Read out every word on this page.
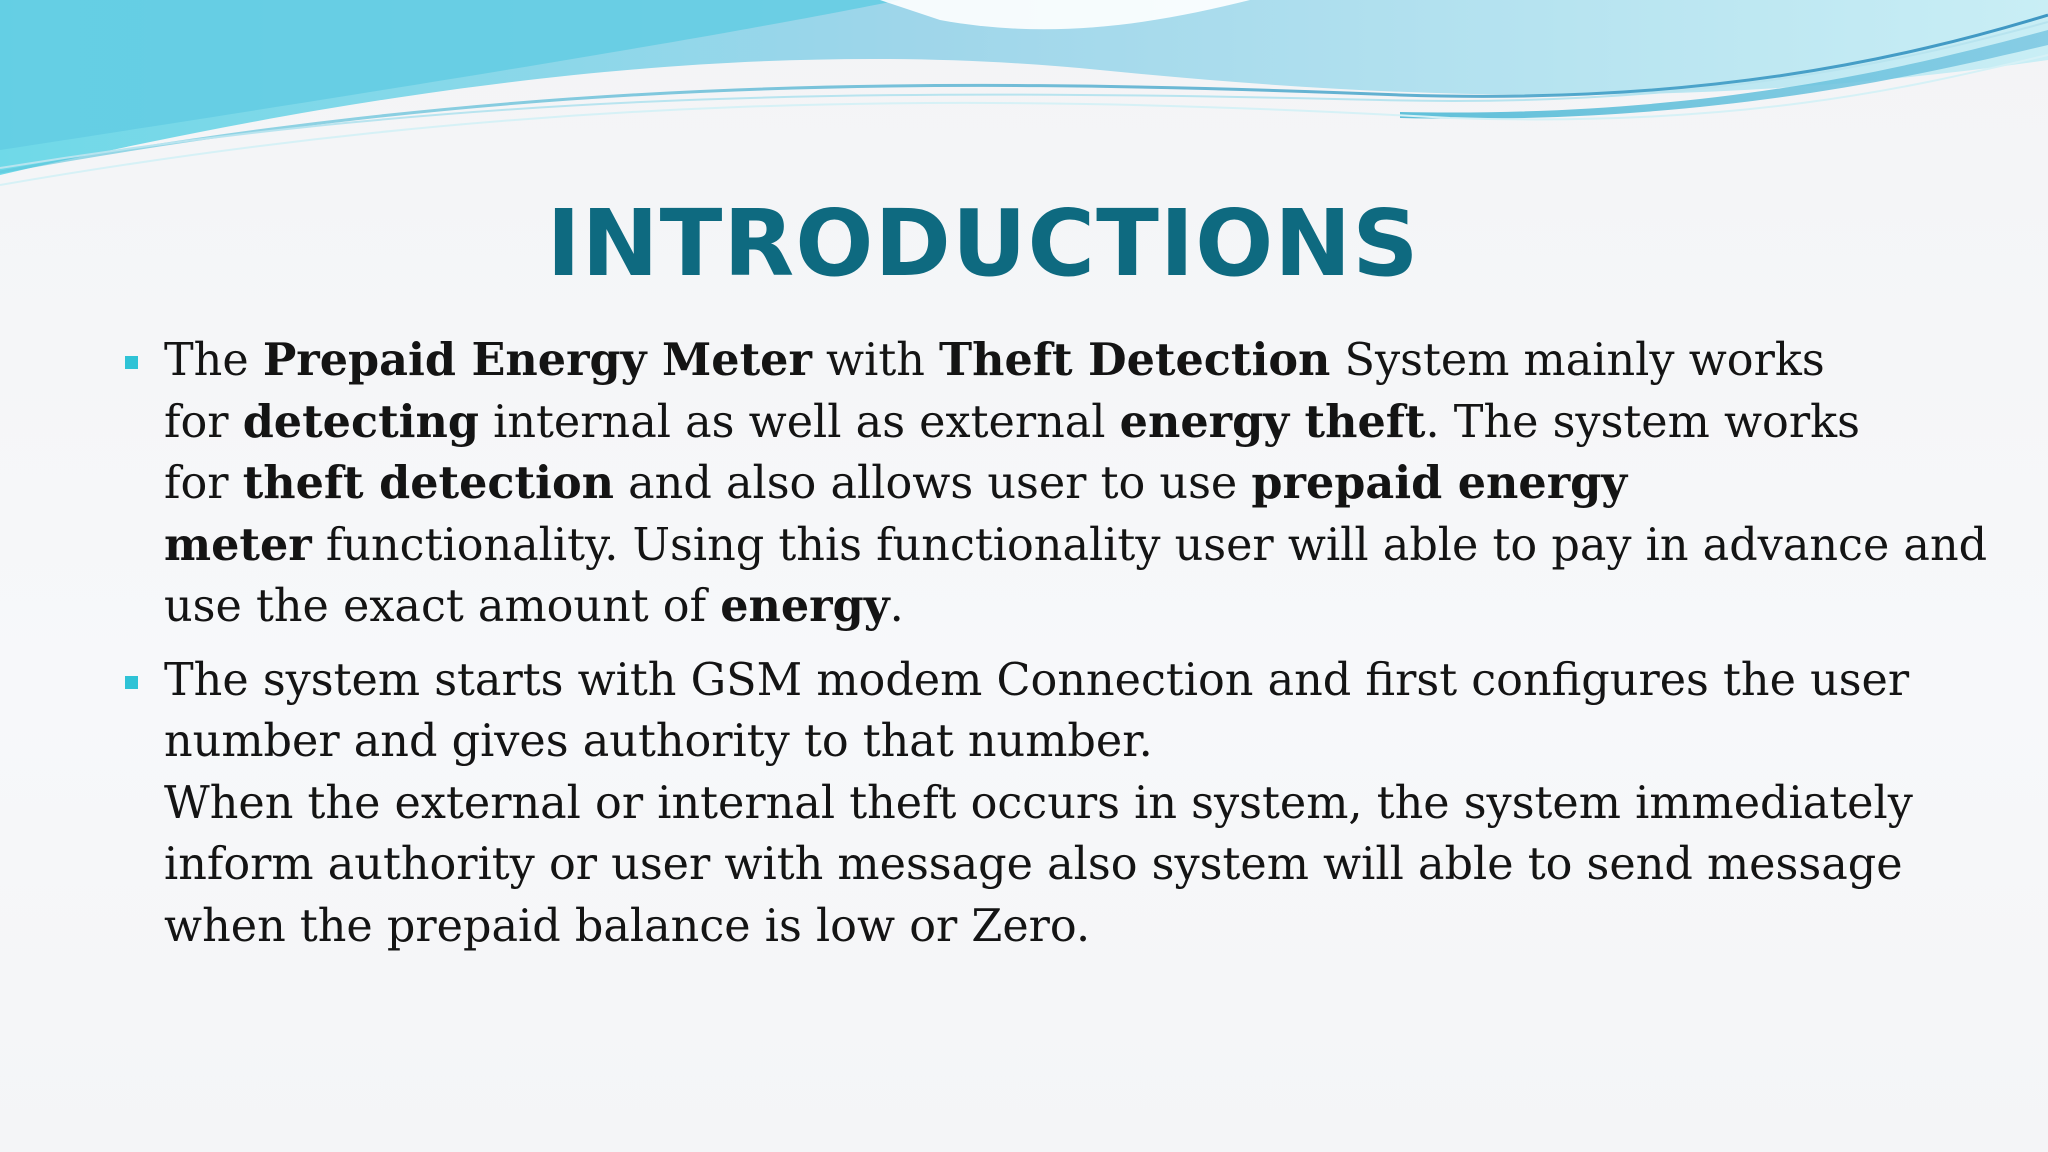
INTRODUCTIONS
The Prepaid Energy Meter with Theft Detection System mainly works
for detecting internal as well as external energy theft. The system works
for theft detection and also allows user to use prepaid energy
meter functionality. Using this functionality user will able to pay in advance and
use the exact amount of energy.
The system starts with GSM modem Connection and first configures the user
number and gives authority to that number.
When the external or internal theft occurs in system, the system immediately
inform authority or user with message also system will able to send message
when the prepaid balance is low or Zero.
